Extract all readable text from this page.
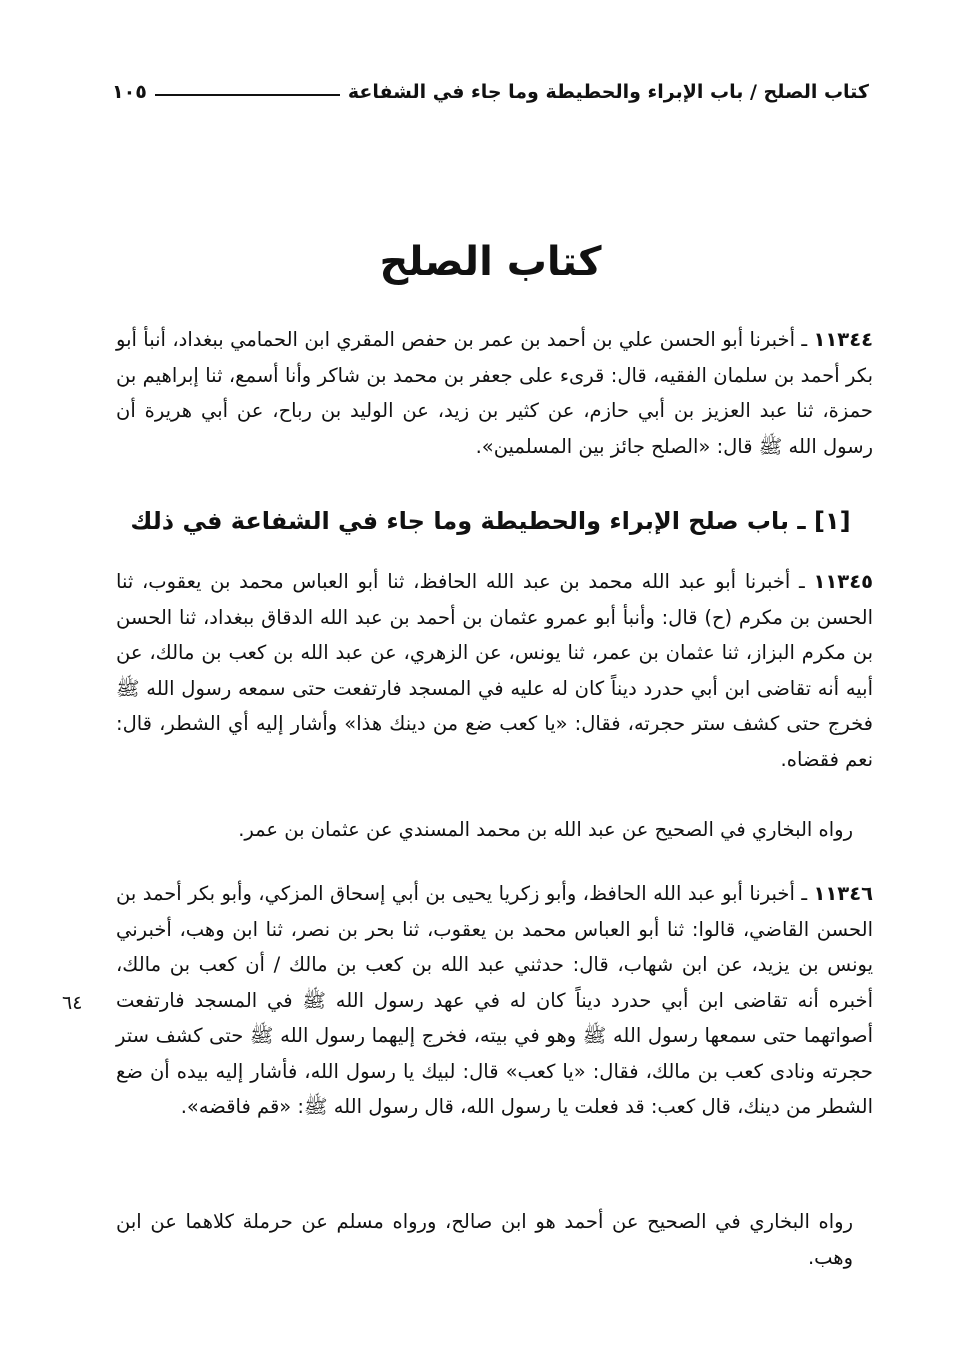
كتاب الصلح / باب الإبراء والحطيطة وما جاء في الشفاعة
١٠٥
كتاب الصلح

١١٣٤٤ ـ أخبرنا أبو الحسن علي بن أحمد بن عمر بن حفص المقري ابن الحمامي ببغداد، أنبأ أبو بكر أحمد بن سلمان الفقيه، قال: قرىء على جعفر بن محمد بن شاكر وأنا أسمع، ثنا إبراهيم بن حمزة، ثنا عبد العزيز بن أبي حازم، عن كثير بن زيد، عن الوليد بن رباح، عن أبي هريرة أن رسول الله ﷺ قال: «الصلح جائز بين المسلمين».

[١] ـ باب صلح الإبراء والحطيطة وما جاء في الشفاعة في ذلك

١١٣٤٥ ـ أخبرنا أبو عبد الله محمد بن عبد الله الحافظ، ثنا أبو العباس محمد بن يعقوب، ثنا الحسن بن مكرم (ح) قال: وأنبأ أبو عمرو عثمان بن أحمد بن عبد الله الدقاق ببغداد، ثنا الحسن بن مكرم البزاز، ثنا عثمان بن عمر، ثنا يونس، عن الزهري، عن عبد الله بن كعب بن مالك، عن أبيه أنه تقاضى ابن أبي حدرد ديناً كان له عليه في المسجد فارتفعت حتى سمعه رسول الله ﷺ فخرج حتى كشف ستر حجرته، فقال: «يا كعب ضع من دينك هذا» وأشار إليه أي الشطر، قال: نعم فقضاه.

رواه البخاري في الصحيح عن عبد الله بن محمد المسندي عن عثمان بن عمر.

١١٣٤٦ ـ أخبرنا أبو عبد الله الحافظ، وأبو زكريا يحيى بن أبي إسحاق المزكي، وأبو بكر أحمد بن الحسن القاضي، قالوا: ثنا أبو العباس محمد بن يعقوب، ثنا بحر بن نصر، ثنا ابن وهب، أخبرني يونس بن يزيد، عن ابن شهاب، قال: حدثني عبد الله بن كعب بن مالك / أن كعب بن مالك، أخبره أنه تقاضى ابن أبي حدرد ديناً كان له في عهد رسول الله ﷺ في المسجد فارتفعت أصواتهما حتى سمعها رسول الله ﷺ وهو في بيته، فخرج إليهما رسول الله ﷺ حتى كشف ستر حجرته ونادى كعب بن مالك، فقال: «يا كعب» قال: لبيك يا رسول الله، فأشار إليه بيده أن ضع الشطر من دينك، قال كعب: قد فعلت يا رسول الله، قال رسول الله ﷺ: «قم فاقضه».

رواه البخاري في الصحيح عن أحمد هو ابن صالح، ورواه مسلم عن حرملة كلاهما عن ابن وهب.

٦٤
